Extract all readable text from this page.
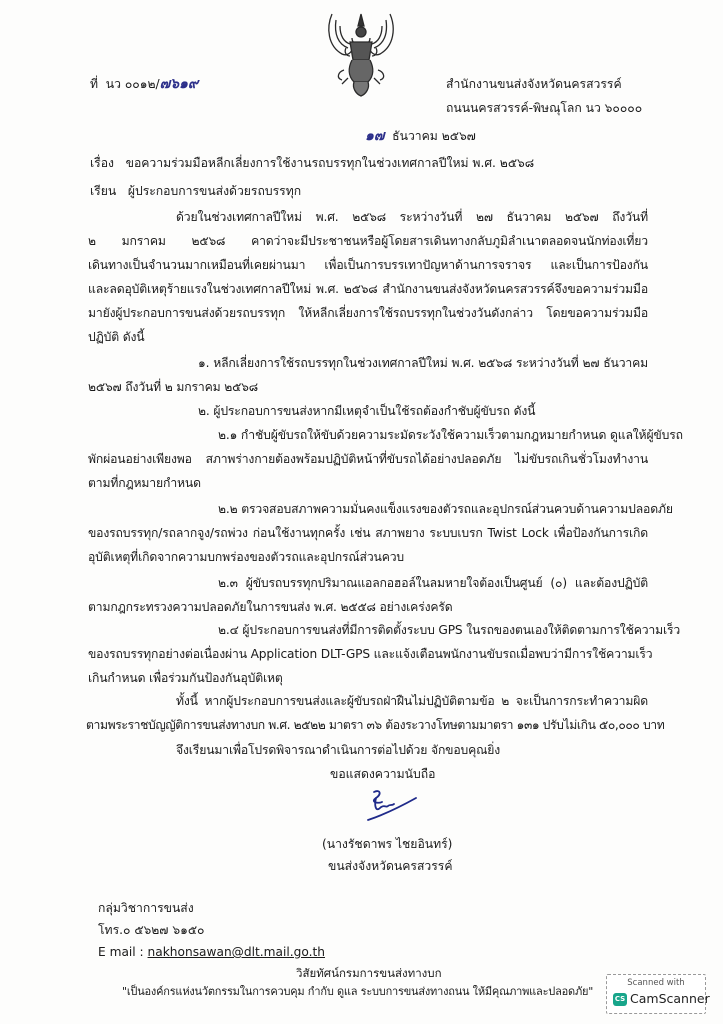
ที่ นว ๐๐๑๒/๗๖๑๙	สำนักงานขนส่งจังหวัดนครสวรรค์
ถนนนครสวรรค์-พิษณุโลก นว ๖๐๐๐๐
๑๗ ธันวาคม ๒๕๖๗
เรื่อง ขอความร่วมมือหลีกเลี่ยงการใช้งานรถบรรทุกในช่วงเทศกาลปีใหม่ พ.ศ. ๒๕๖๘
เรียน ผู้ประกอบการขนส่งด้วยรถบรรทุก
ด้วยในช่วงเทศกาลปีใหม่ พ.ศ. ๒๕๖๘ ระหว่างวันที่ ๒๗ ธันวาคม ๒๕๖๗ ถึงวันที่
๒ มกราคม ๒๕๖๘ คาดว่าจะมีประชาชนหรือผู้โดยสารเดินทางกลับภูมิลำเนาตลอดจนนักท่องเที่ยว
เดินทางเป็นจำนวนมากเหมือนที่เคยผ่านมา เพื่อเป็นการบรรเทาปัญหาด้านการจราจร และเป็นการป้องกัน
และลดอุบัติเหตุร้ายแรงในช่วงเทศกาลปีใหม่ พ.ศ. ๒๕๖๘ สำนักงานขนส่งจังหวัดนครสวรรค์จึงขอความร่วมมือ
มายังผู้ประกอบการขนส่งด้วยรถบรรทุก ให้หลีกเลี่ยงการใช้รถบรรทุกในช่วงวันดังกล่าว โดยขอความร่วมมือ
ปฏิบัติ ดังนี้
๑. หลีกเลี่ยงการใช้รถบรรทุกในช่วงเทศกาลปีใหม่ พ.ศ. ๒๕๖๘ ระหว่างวันที่ ๒๗ ธันวาคม
๒๕๖๗ ถึงวันที่ ๒ มกราคม ๒๕๖๘
๒. ผู้ประกอบการขนส่งหากมีเหตุจำเป็นใช้รถต้องกำชับผู้ขับรถ ดังนี้
๒.๑ กำชับผู้ขับรถให้ขับด้วยความระมัดระวังใช้ความเร็วตามกฎหมายกำหนด ดูแลให้ผู้ขับรถ
พักผ่อนอย่างเพียงพอ สภาพร่างกายต้องพร้อมปฏิบัติหน้าที่ขับรถได้อย่างปลอดภัย ไม่ขับรถเกินชั่วโมงทำงาน
ตามที่กฎหมายกำหนด
๒.๒ ตรวจสอบสภาพความมั่นคงแข็งแรงของตัวรถและอุปกรณ์ส่วนควบด้านความปลอดภัย
ของรถบรรทุก/รถลากจูง/รถพ่วง ก่อนใช้งานทุกครั้ง เช่น สภาพยาง ระบบเบรก Twist Lock เพื่อป้องกันการเกิด
อุบัติเหตุที่เกิดจากความบกพร่องของตัวรถและอุปกรณ์ส่วนควบ
๒.๓ ผู้ขับรถบรรทุกปริมาณแอลกอฮอล์ในลมหายใจต้องเป็นศูนย์ (๐) และต้องปฏิบัติ
ตามกฎกระทรวงความปลอดภัยในการขนส่ง พ.ศ. ๒๕๕๘ อย่างเคร่งครัด
๒.๔ ผู้ประกอบการขนส่งที่มีการติดตั้งระบบ GPS ในรถของตนเองให้ติดตามการใช้ความเร็ว
ของรถบรรทุกอย่างต่อเนื่องผ่าน Application DLT-GPS และแจ้งเตือนพนักงานขับรถเมื่อพบว่ามีการใช้ความเร็ว
เกินกำหนด เพื่อร่วมกันป้องกันอุบัติเหตุ
ทั้งนี้ หากผู้ประกอบการขนส่งและผู้ขับรถฝ่าฝืนไม่ปฏิบัติตามข้อ ๒ จะเป็นการกระทำความผิด
ตามพระราชบัญญัติการขนส่งทางบก พ.ศ. ๒๕๒๒ มาตรา ๓๖ ต้องระวางโทษตามมาตรา ๑๓๑ ปรับไม่เกิน ๕๐,๐๐๐ บาท
จึงเรียนมาเพื่อโปรดพิจารณาดำเนินการต่อไปด้วย จักขอบคุณยิ่ง
ขอแสดงความนับถือ
(นางรัชดาพร ไชยอินทร์)
ขนส่งจังหวัดนครสวรรค์
กลุ่มวิชาการขนส่ง
โทร.๐ ๕๖๒๗ ๖๑๕๐
E mail : nakhonsawan@dlt.mail.go.th
วิสัยทัศน์กรมการขนส่งทางบก
"เป็นองค์กรแห่งนวัตกรรมในการควบคุม กำกับ ดูแล ระบบการขนส่งทางถนน ให้มีคุณภาพและปลอดภัย"
Scanned with
CS CamScanner
